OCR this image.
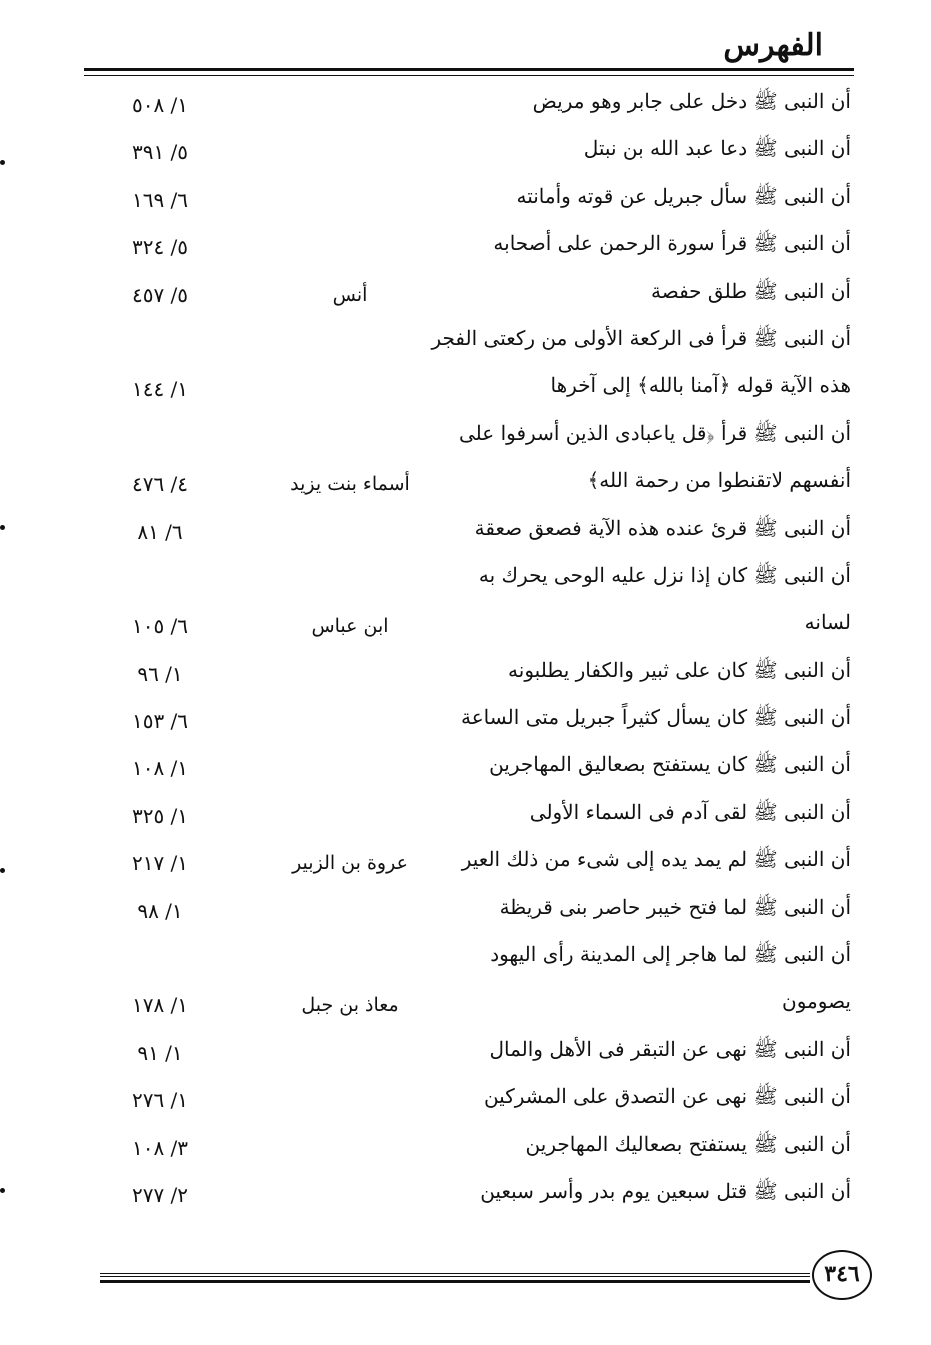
الفهرس
أن النبى ﷺ دخل على جابر وهو مريض
١/ ٥٠٨
أن النبى ﷺ دعا عبد الله بن نبتل
٥/ ٣٩١
أن النبى ﷺ سأل جبريل عن قوته وأمانته
٦/ ١٦٩
أن النبى ﷺ قرأ سورة الرحمن على أصحابه
٥/ ٣٢٤
أن النبى ﷺ طلق حفصة
أنس
٥/ ٤٥٧
أن النبى ﷺ قرأ فى الركعة الأولى من ركعتى الفجر
هذه الآية قوله ﴿آمنا بالله﴾ إلى آخرها
١/ ١٤٤
أن النبى ﷺ قرأ ﴿قل ياعبادى الذين أسرفوا على
أنفسهم لاتقنطوا من رحمة الله﴾
أسماء بنت يزيد
٤/ ٤٧٦
أن النبى ﷺ قرئ عنده هذه الآية فصعق صعقة
٦/ ٨١
أن النبى ﷺ كان إذا نزل عليه الوحى يحرك به
لسانه
ابن عباس
٦/ ١٠٥
أن النبى ﷺ كان على ثبير والكفار يطلبونه
١/ ٩٦
أن النبى ﷺ كان يسأل كثيراً جبريل متى الساعة
٦/ ١٥٣
أن النبى ﷺ كان يستفتح بصعاليق المهاجرين
١/ ١٠٨
أن النبى ﷺ لقى آدم فى السماء الأولى
١/ ٣٢٥
أن النبى ﷺ لم يمد يده إلى شىء من ذلك العير
عروة بن الزبير
١/ ٢١٧
أن النبى ﷺ لما فتح خيبر حاصر بنى قريظة
١/ ٩٨
أن النبى ﷺ لما هاجر إلى المدينة رأى اليهود
يصومون
معاذ بن جبل
١/ ١٧٨
أن النبى ﷺ نهى عن التبقر فى الأهل والمال
١/ ٩١
أن النبى ﷺ نهى عن التصدق على المشركين
١/ ٢٧٦
أن النبى ﷺ يستفتح بصعاليك المهاجرين
٣/ ١٠٨
أن النبى ﷺ قتل سبعين يوم بدر وأسر سبعين
٢/ ٢٧٧
٣٤٦
